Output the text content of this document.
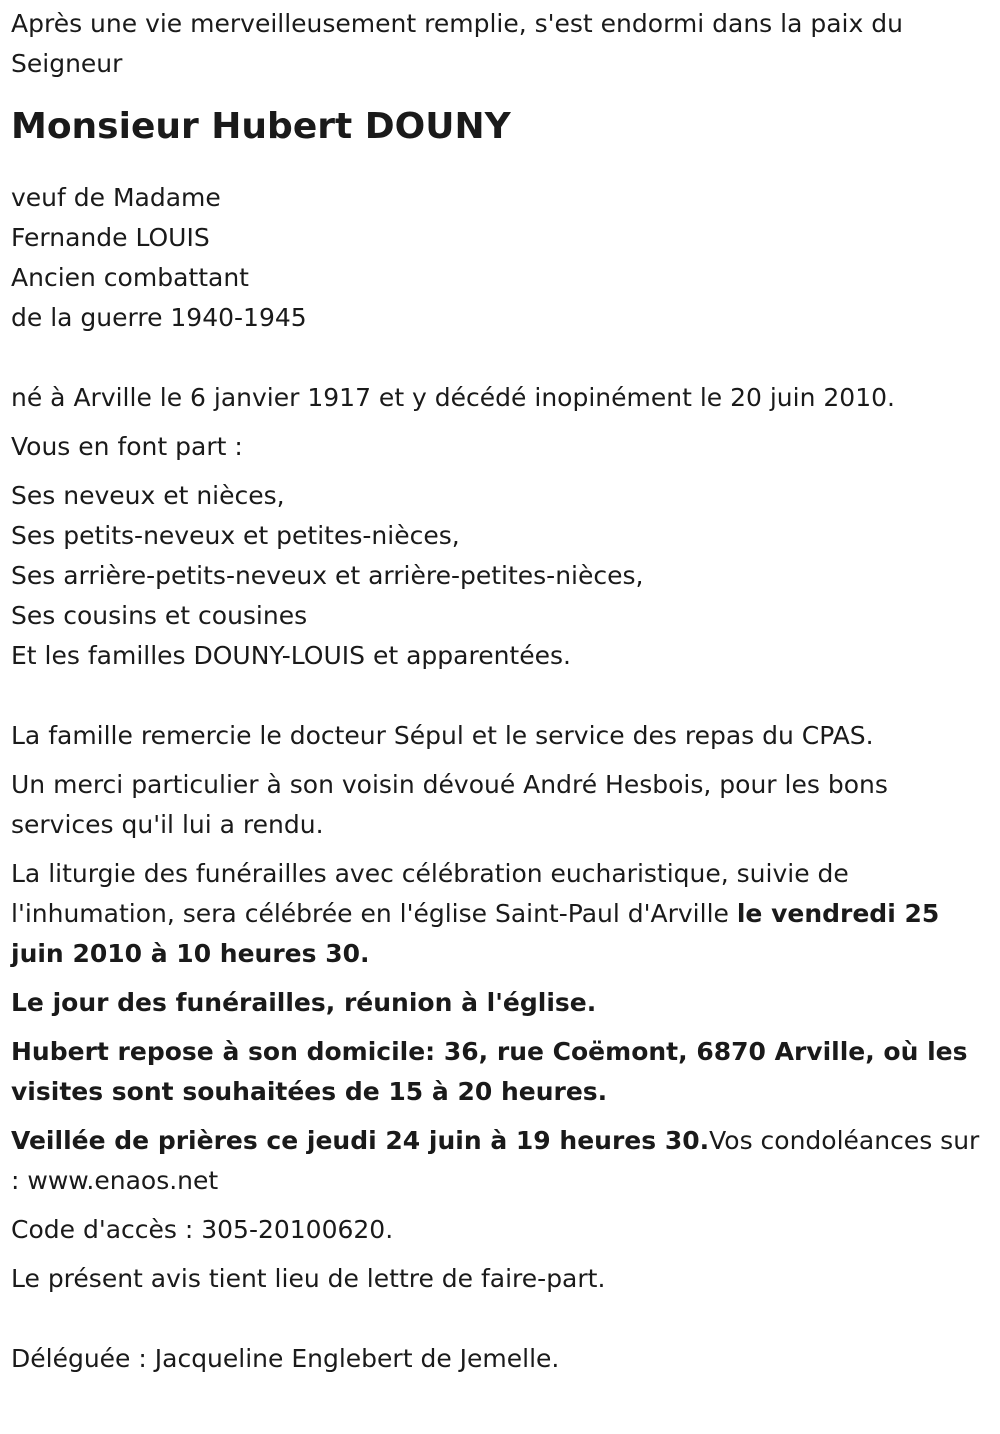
Après une vie merveilleusement remplie, s'est endormi dans la paix du Seigneur

Monsieur Hubert DOUNY

veuf de Madame

Fernande LOUIS

Ancien combattant

de la guerre 1940-1945

né à Arville le 6 janvier 1917 et y décédé inopinément le 20 juin 2010.

Vous en font part :

Ses neveux et nièces,

Ses petits-neveux et petites-nièces,

Ses arrière-petits-neveux et arrière-petites-nièces,

Ses cousins et cousines

Et les familles DOUNY-LOUIS et apparentées.

La famille remercie le docteur Sépul et le service des repas du CPAS.

Un merci particulier à son voisin dévoué André Hesbois, pour les bons services qu'il lui a rendu.

La liturgie des funérailles avec célébration eucharistique, suivie de l'inhumation, sera célébrée en l'église Saint-Paul d'Arville le vendredi 25 juin 2010 à 10 heures 30.

Le jour des funérailles, réunion à l'église.

Hubert repose à son domicile: 36, rue Coëmont, 6870 Arville, où les visites sont souhaitées de 15 à 20 heures.

Veillée de prières ce jeudi 24 juin à 19 heures 30.Vos condoléances sur : www.enaos.net

Code d'accès : 305-20100620.

Le présent avis tient lieu de lettre de faire-part.

Déléguée : Jacqueline Englebert de Jemelle.
